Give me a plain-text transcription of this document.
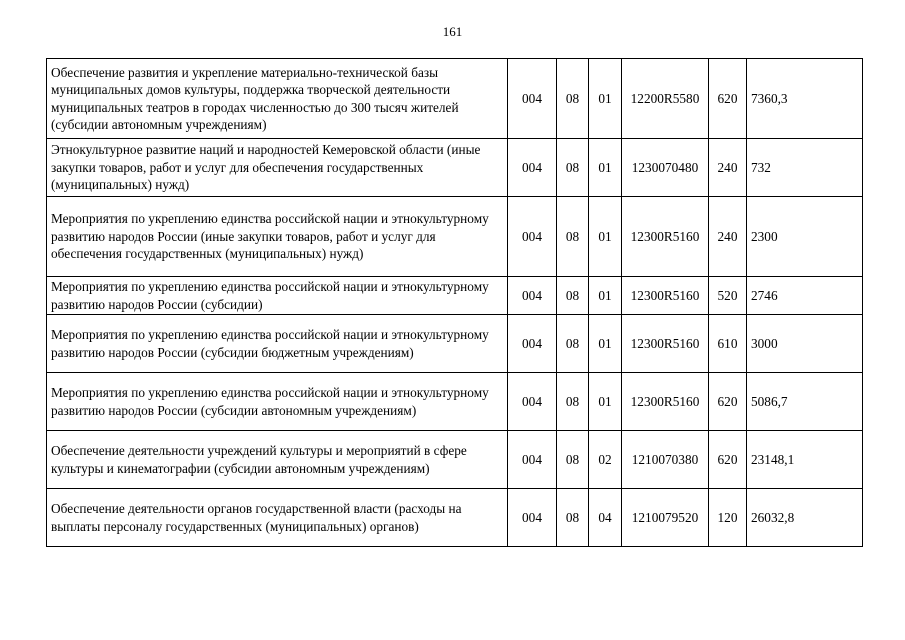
161
Обеспечение развития и укрепление материально-технической базы муниципальных домов культуры, поддержка творческой деятельности муниципальных театров в городах численностью до 300 тысяч жителей (субсидии автономным учреждениям)	004	08	01	12200R5580	620	7360,3
Этнокультурное развитие наций и народностей Кемеровской области (иные закупки товаров, работ и услуг для обеспечения государственных (муниципальных) нужд)	004	08	01	1230070480	240	732
Мероприятия по укреплению единства российской нации и этнокультурному развитию народов России (иные закупки товаров, работ и услуг для обеспечения государственных (муниципальных) нужд)	004	08	01	12300R5160	240	2300
Мероприятия по укреплению единства российской нации и этнокультурному развитию народов России (субсидии)	004	08	01	12300R5160	520	2746
Мероприятия по укреплению единства российской нации и этнокультурному развитию народов России (субсидии бюджетным учреждениям)	004	08	01	12300R5160	610	3000
Мероприятия по укреплению единства российской нации и этнокультурному развитию народов России (субсидии автономным учреждениям)	004	08	01	12300R5160	620	5086,7
Обеспечение деятельности учреждений культуры и мероприятий в сфере культуры и кинематографии (субсидии автономным учреждениям)	004	08	02	1210070380	620	23148,1
Обеспечение деятельности органов государственной власти (расходы на выплаты персоналу государственных (муниципальных) органов)	004	08	04	1210079520	120	26032,8
